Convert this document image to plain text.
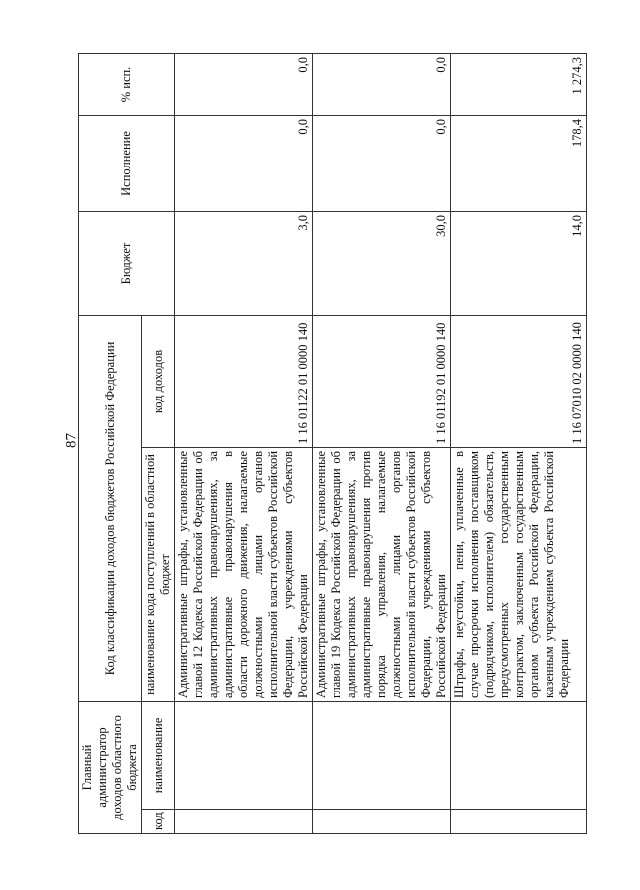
87
Главный администратор доходов областного бюджета		Код классификации доходов бюджетов Российской Федерации		Бюджет	Исполнение	% исп.
код	наименование	наименование кода поступлений в областной бюджет	код доходов			
		Административные штрафы, установленные главой 12 Кодекса Российской Федерации об административных правонарушениях, за административные правонарушения в области дорожного движения, налагаемые должностными лицами органов исполнительной власти субъектов Российской Федерации, учреждениями субъектов Российской Федерации	1 16 01122 01 0000 140	3,0	0,0	0,0
		Административные штрафы, установленные главой 19 Кодекса Российской Федерации об административных правонарушениях, за административные правонарушения против порядка управления, налагаемые должностными лицами органов исполнительной власти субъектов Российской Федерации, учреждениями субъектов Российской Федерации	1 16 01192 01 0000 140	30,0	0,0	0,0
		Штрафы, неустойки, пени, уплаченные в случае просрочки исполнения поставщиком (подрядчиком, исполнителем) обязательств, предусмотренных государственным контрактом, заключенным государственным органом субъекта Российской Федерации, казенным учреждением субъекта Российской Федерации	1 16 07010 02 0000 140	14,0	178,4	1 274,3
